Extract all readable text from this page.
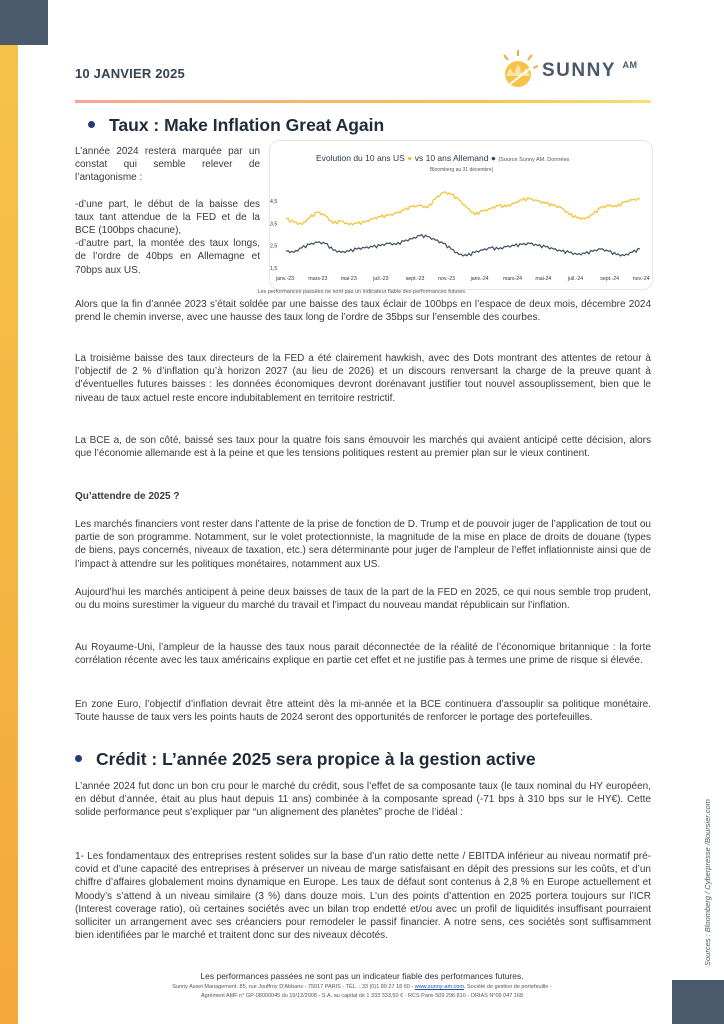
10 JANVIER 2025	SUNNY $^{AM}$
Taux : Make Inflation Great Again

L’année 2024 restera marquée par un constat qui semble relever de l’antagonisme :

-d’une part, le début de la baisse des taux tant attendue de la FED et de la BCE (100bps chacune),

-d’autre part, la montée des taux longs, de l’ordre de 40bps en Allemagne et 70bps aux US.

Evolution du 10 ans US ● vs 10 ans Allemand ● (Source Sunny AM. Données
Bloomberg au 31 décembre)
4,5
3,5
2,5
1,5
janv.-23	mars-23	mai-23	juil.-23	sept.-23	nov.-23	janv.-24	mars-24	mai-24	juil.-24	sept.-24	nov.-24
Les performances passées ne sont pas un indicateur fiable des performances futures.
Alors que la fin d’année 2023 s’était soldée par une baisse des taux éclair de 100bps en l’espace de deux mois, décembre 2024 prend le chemin inverse, avec une hausse des taux long de l’ordre de 35bps sur l’ensemble des courbes.
La troisième baisse des taux directeurs de la FED a été clairement hawkish, avec des Dots montrant des attentes de retour à l’objectif de 2 % d’inflation qu’à horizon 2027 (au lieu de 2026) et un discours renversant la charge de la preuve quant à d’éventuelles futures baisses : les données économiques devront dorénavant justifier tout nouvel assouplissement, bien que le niveau de taux actuel reste encore indubitablement en territoire restrictif.
La BCE a, de son côté, baissé ses taux pour la quatre fois sans émouvoir les marchés qui avaient anticipé cette décision, alors que l’économie allemande est à la peine et que les tensions politiques restent au premier plan sur le vieux continent.
Qu’attendre de 2025 ?
Les marchés financiers vont rester dans l’attente de la prise de fonction de D. Trump et de pouvoir juger de l’application de tout ou partie de son programme. Notamment, sur le volet protectionniste, la magnitude de la mise en place de droits de douane (types de biens, pays concernés, niveaux de taxation, etc.) sera déterminante pour juger de l’ampleur de l’effet inflationniste ainsi que de l’impact à attendre sur les politiques monétaires, notamment aux US.
Aujourd’hui les marchés anticipent à peine deux baisses de taux de la part de la FED en 2025, ce qui nous semble trop prudent, ou du moins surestimer la vigueur du marché du travail et l’impact du nouveau mandat républicain sur l’inflation.
Au Royaume-Uni, l’ampleur de la hausse des taux nous parait déconnectée de la réalité de l’économique britannique : la forte corrélation récente avec les taux américains explique en partie cet effet et ne justifie pas à termes une prime de risque si élevée.
En zone Euro, l’objectif d’inflation devrait être atteint dès la mi-année et la BCE continuera d’assouplir sa politique monétaire. Toute hausse de taux vers les points hauts de 2024 seront des opportunités de renforcer le portage des portefeuilles.
Crédit : L’année 2025 sera propice à la gestion active
L’année 2024 fut donc un bon cru pour le marché du crédit, sous l’effet de sa composante taux (le taux nominal du HY européen, en début d’année, était au plus haut depuis 11 ans) combinée à la composante spread (-71 bps à 310 bps sur le HY€). Cette solide performance peut s’expliquer par “un alignement des planètes” proche de l’idéal :
1- Les fondamentaux des entreprises restent solides sur la base d’un ratio dette nette / EBITDA inférieur au niveau normatif pré-covid et d’une capacité des entreprises à préserver un niveau de marge satisfaisant en dépit des pressions sur les coûts, et d’un chiffre d’affaires globalement moins dynamique en Europe. Les taux de défaut sont contenus à 2,8 % en Europe actuellement et Moody’s s’attend à un niveau similaire (3 %) dans douze mois. L’un des points d’attention en 2025 portera toujours sur l’ICR (Interest coverage ratio), où certaines sociétés avec un bilan trop endetté et/ou avec un profil de liquidités insuffisant pourraient solliciter un arrangement avec ses créanciers pour remodeler le passif financier. A notre sens, ces sociétés sont suffisamment bien identifiées par le marché et traitent donc sur des niveaux décotés.
Les performances passées ne sont pas un indicateur fiable des performances futures.
Sunny Asset Management. 85, rue Jouffroy D’Abbans - 75017 PARIS - TÉL. : 33 (0)1 80 27 18 60 - www.sunny-am.com. Société de gestion de portefeuille -
Agrément AMF n° GP-08000045 du 19/12/2008 - S.A. au capital de 1 333 333,50 € - RCS Paris 509 296 810 - ORIAS N°09 047 168
Sources : Bloomberg / Cyberpresse /Boursier.com
